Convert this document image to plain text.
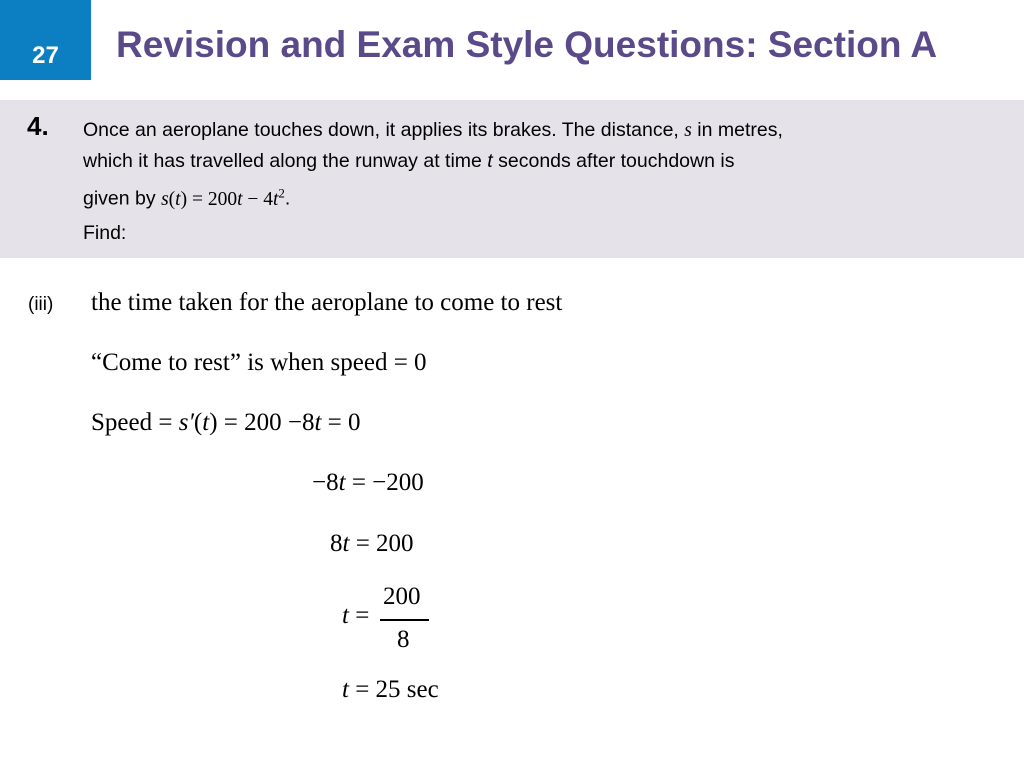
27 Revision and Exam Style Questions: Section A
4. Once an aeroplane touches down, it applies its brakes. The distance, s in metres,
which it has travelled along the runway at time t seconds after touchdown is
given by $s(t) = 200t - 4t^2$.
Find:
(iii) the time taken for the aeroplane to come to rest
“Come to rest” is when speed = 0
Speed = s′(t) = 200 −8t = 0
−8t = −200
8t = 200
t =
200
8
t = 25 sec
